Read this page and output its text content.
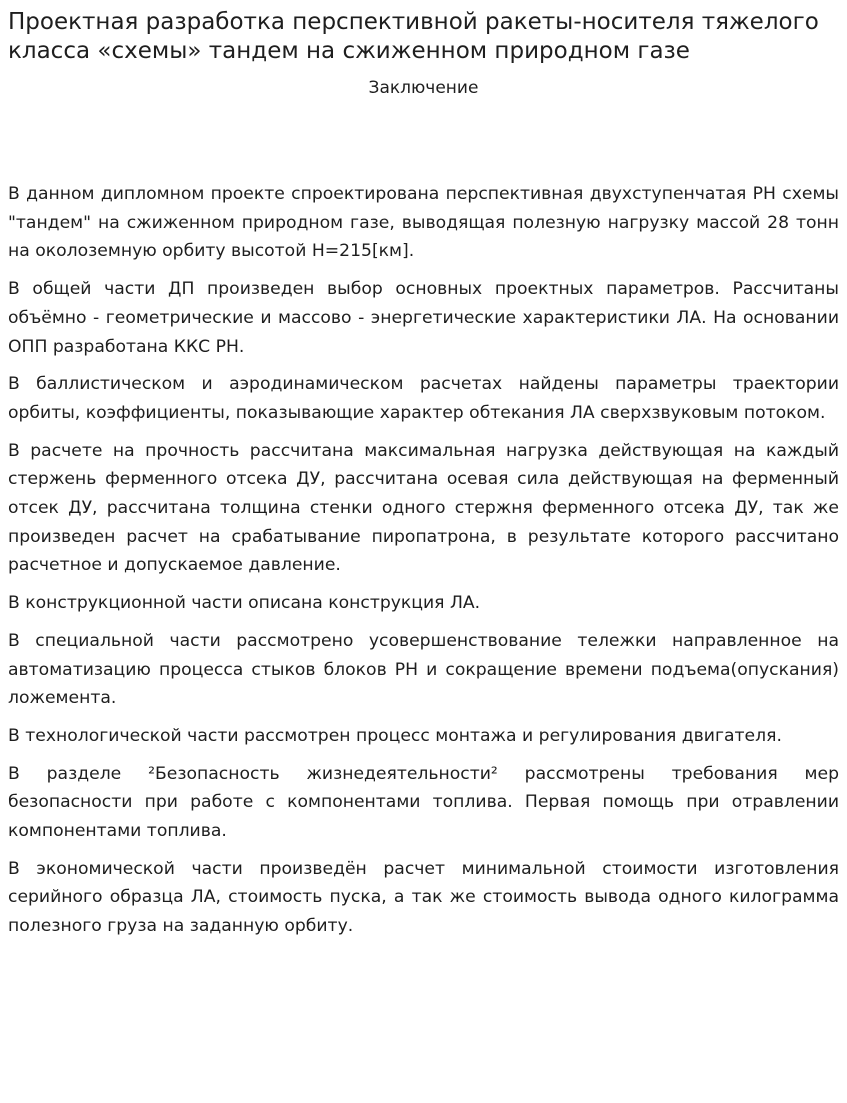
Проектная разработка перспективной ракеты-носителя тяжелого класса «схемы» тандем на сжиженном природном газе
Заключение

В данном дипломном проекте спроектирована перспективная двухступенчатая РН схемы "тандем" на сжиженном природном газе, выводящая полезную нагрузку массой 28 тонн на околоземную орбиту высотой H=215[км].

В общей части ДП произведен выбор основных проектных параметров. Рассчитаны объёмно - геометрические и массово - энергетические характеристики ЛА. На основании ОПП разработана ККС РН.

В баллистическом и аэродинамическом расчетах найдены параметры траектории орбиты, коэффициенты, показывающие характер обтекания ЛА сверхзвуковым потоком.

В расчете на прочность рассчитана максимальная нагрузка действующая на каждый стержень ферменного отсека ДУ, рассчитана осевая сила действующая на ферменный отсек ДУ, рассчитана толщина стенки одного стержня ферменного отсека ДУ, так же произведен расчет на срабатывание пиропатрона, в результате которого рассчитано расчетное и допускаемое давление.

В конструкционной части описана конструкция ЛА.

В специальной части рассмотрено усовершенствование тележки направленное на автоматизацию процесса стыков блоков РН и сокращение времени подъема(опускания) ложемента.

В технологической части рассмотрен процесс монтажа и регулирования двигателя.

В разделе ²Безопасность жизнедеятельности² рассмотрены требования мер безопасности при работе с компонентами топлива. Первая помощь при отравлении компонентами топлива.

В экономической части произведён расчет минимальной стоимости изготовления серийного образца ЛА, стоимость пуска, а так же стоимость вывода одного килограмма полезного груза на заданную орбиту.
